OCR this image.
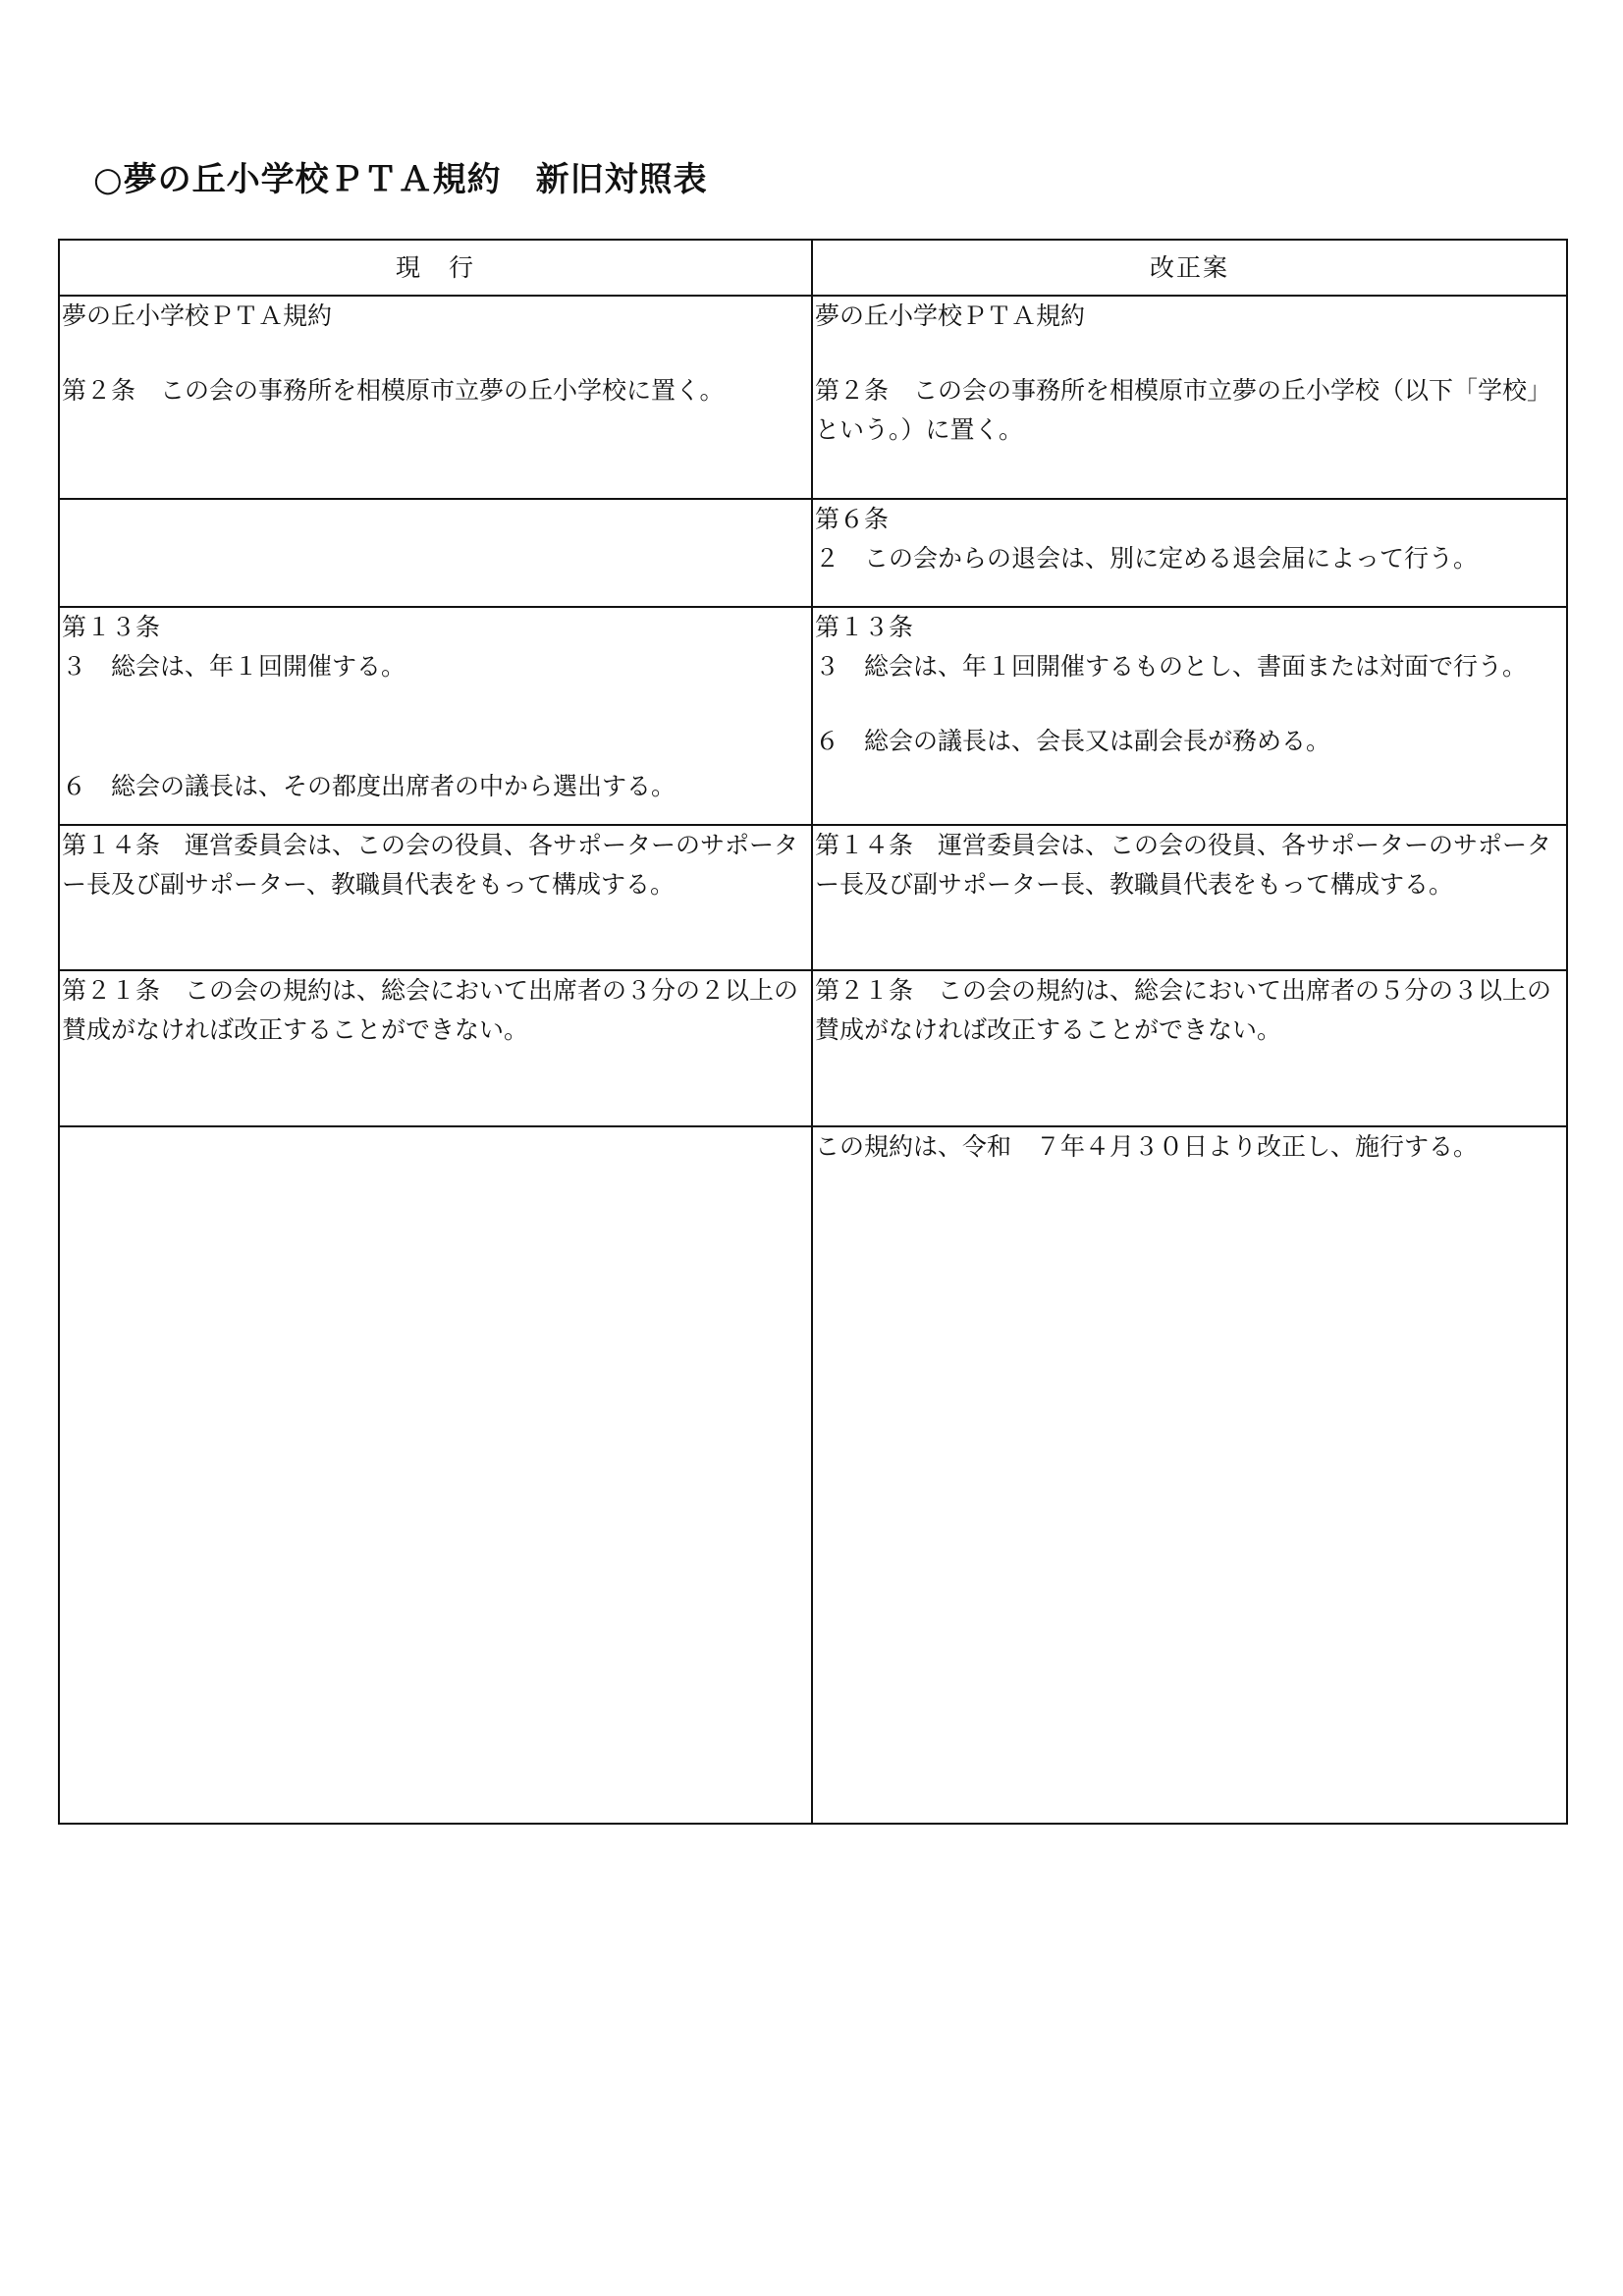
○夢の丘小学校ＰＴＡ規約　新旧対照表
現　行	改正案

夢の丘小学校ＰＴＡ規約
第２条　この会の事務所を相模原市立夢の丘小学校に置く。	夢の丘小学校ＰＴＡ規約
第２条　この会の事務所を相模原市立夢の丘小学校（以下「学校」という。）に置く。

	第６条
２　この会からの退会は、別に定める退会届によって行う。

第１３条
３　総会は、年１回開催する。
６　総会の議長は、その都度出席者の中から選出する。	第１３条
３　総会は、年１回開催するものとし、書面または対面で行う。
６　総会の議長は、会長又は副会長が務める。

第１４条　運営委員会は、この会の役員、各サポーターのサポーター長及び副サポーター、教職員代表をもって構成する。	第１４条　運営委員会は、この会の役員、各サポーターのサポーター長及び副サポーター長、教職員代表をもって構成する。

第２１条　この会の規約は、総会において出席者の３分の２以上の賛成がなければ改正することができない。	第２１条　この会の規約は、総会において出席者の５分の３以上の賛成がなければ改正することができない。

	この規約は、令和　７年４月３０日より改正し、施行する。
